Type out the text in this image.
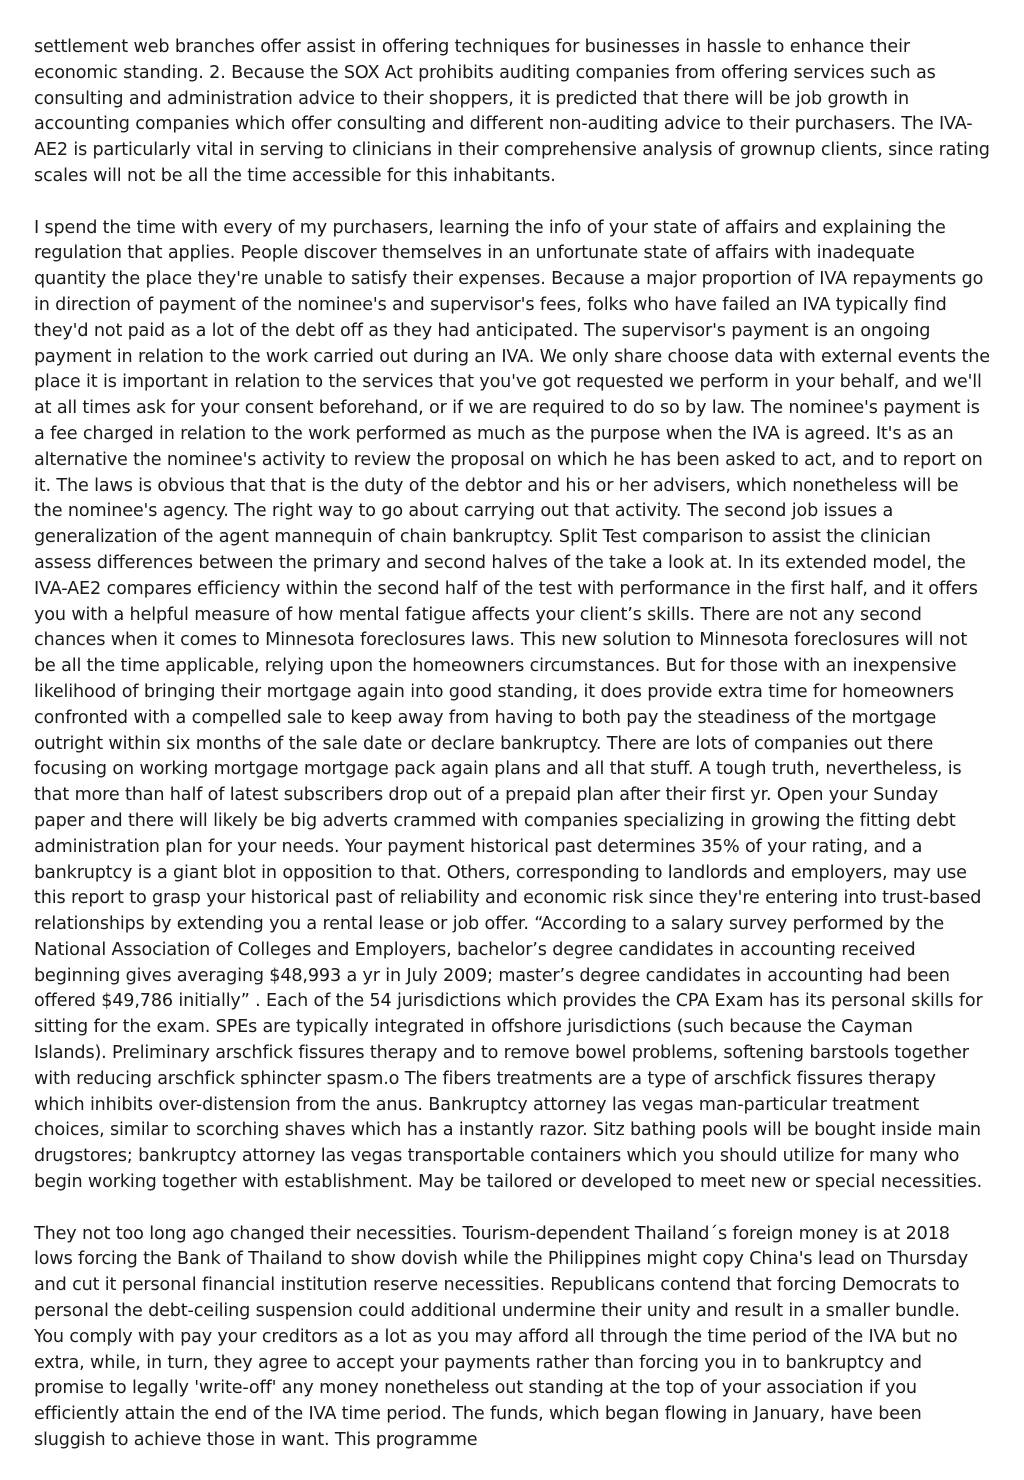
settlement web branches offer assist in offering techniques for businesses in hassle to enhance their economic standing. 2. Because the SOX Act prohibits auditing companies from offering services such as consulting and administration advice to their shoppers, it is predicted that there will be job growth in accounting companies which offer consulting and different non-auditing advice to their purchasers. The IVA-AE2 is particularly vital in serving to clinicians in their comprehensive analysis of grownup clients, since rating scales will not be all the time accessible for this inhabitants.

I spend the time with every of my purchasers, learning the info of your state of affairs and explaining the regulation that applies. People discover themselves in an unfortunate state of affairs with inadequate quantity the place they're unable to satisfy their expenses. Because a major proportion of IVA repayments go in direction of payment of the nominee's and supervisor's fees, folks who have failed an IVA typically find they'd not paid as a lot of the debt off as they had anticipated. The supervisor's payment is an ongoing payment in relation to the work carried out during an IVA. We only share choose data with external events the place it is important in relation to the services that you've got requested we perform in your behalf, and we'll at all times ask for your consent beforehand, or if we are required to do so by law. The nominee's payment is a fee charged in relation to the work performed as much as the purpose when the IVA is agreed. It's as an alternative the nominee's activity to review the proposal on which he has been asked to act, and to report on it. The laws is obvious that that is the duty of the debtor and his or her advisers, which nonetheless will be the nominee's agency. The right way to go about carrying out that activity. The second job issues a generalization of the agent mannequin of chain bankruptcy. Split Test comparison to assist the clinician assess differences between the primary and second halves of the take a look at. In its extended model, the IVA-AE2 compares efficiency within the second half of the test with performance in the first half, and it offers you with a helpful measure of how mental fatigue affects your client’s skills. There are not any second chances when it comes to Minnesota foreclosures laws. This new solution to Minnesota foreclosures will not be all the time applicable, relying upon the homeowners circumstances. But for those with an inexpensive likelihood of bringing their mortgage again into good standing, it does provide extra time for homeowners confronted with a compelled sale to keep away from having to both pay the steadiness of the mortgage outright within six months of the sale date or declare bankruptcy. There are lots of companies out there focusing on working mortgage mortgage pack again plans and all that stuff. A tough truth, nevertheless, is that more than half of latest subscribers drop out of a prepaid plan after their first yr. Open your Sunday paper and there will likely be big adverts crammed with companies specializing in growing the fitting debt administration plan for your needs. Your payment historical past determines 35% of your rating, and a bankruptcy is a giant blot in opposition to that. Others, corresponding to landlords and employers, may use this report to grasp your historical past of reliability and economic risk since they're entering into trust-based relationships by extending you a rental lease or job offer. “According to a salary survey performed by the National Association of Colleges and Employers, bachelor’s degree candidates in accounting received beginning gives averaging $48,993 a yr in July 2009; master’s degree candidates in accounting had been offered $49,786 initially” . Each of the 54 jurisdictions which provides the CPA Exam has its personal skills for sitting for the exam. SPEs are typically integrated in offshore jurisdictions (such because the Cayman Islands). Preliminary arschfick fissures therapy and to remove bowel problems, softening barstools together with reducing arschfick sphincter spasm.o The fibers treatments are a type of arschfick fissures therapy which inhibits over-distension from the anus. Bankruptcy attorney las vegas man-particular treatment choices, similar to scorching shaves which has a instantly razor. Sitz bathing pools will be bought inside main drugstores; bankruptcy attorney las vegas transportable containers which you should utilize for many who begin working together with establishment. May be tailored or developed to meet new or special necessities.

They not too long ago changed their necessities. Tourism-dependent Thailand´s foreign money is at 2018 lows forcing the Bank of Thailand to show dovish while the Philippines might copy China's lead on Thursday and cut it personal financial institution reserve necessities. Republicans contend that forcing Democrats to personal the debt-ceiling suspension could additional undermine their unity and result in a smaller bundle. You comply with pay your creditors as a lot as you may afford all through the time period of the IVA but no extra, while, in turn, they agree to accept your payments rather than forcing you in to bankruptcy and promise to legally 'write-off' any money nonetheless out standing at the top of your association if you efficiently attain the end of the IVA time period. The funds, which began flowing in January, have been sluggish to achieve those in want. This programme
